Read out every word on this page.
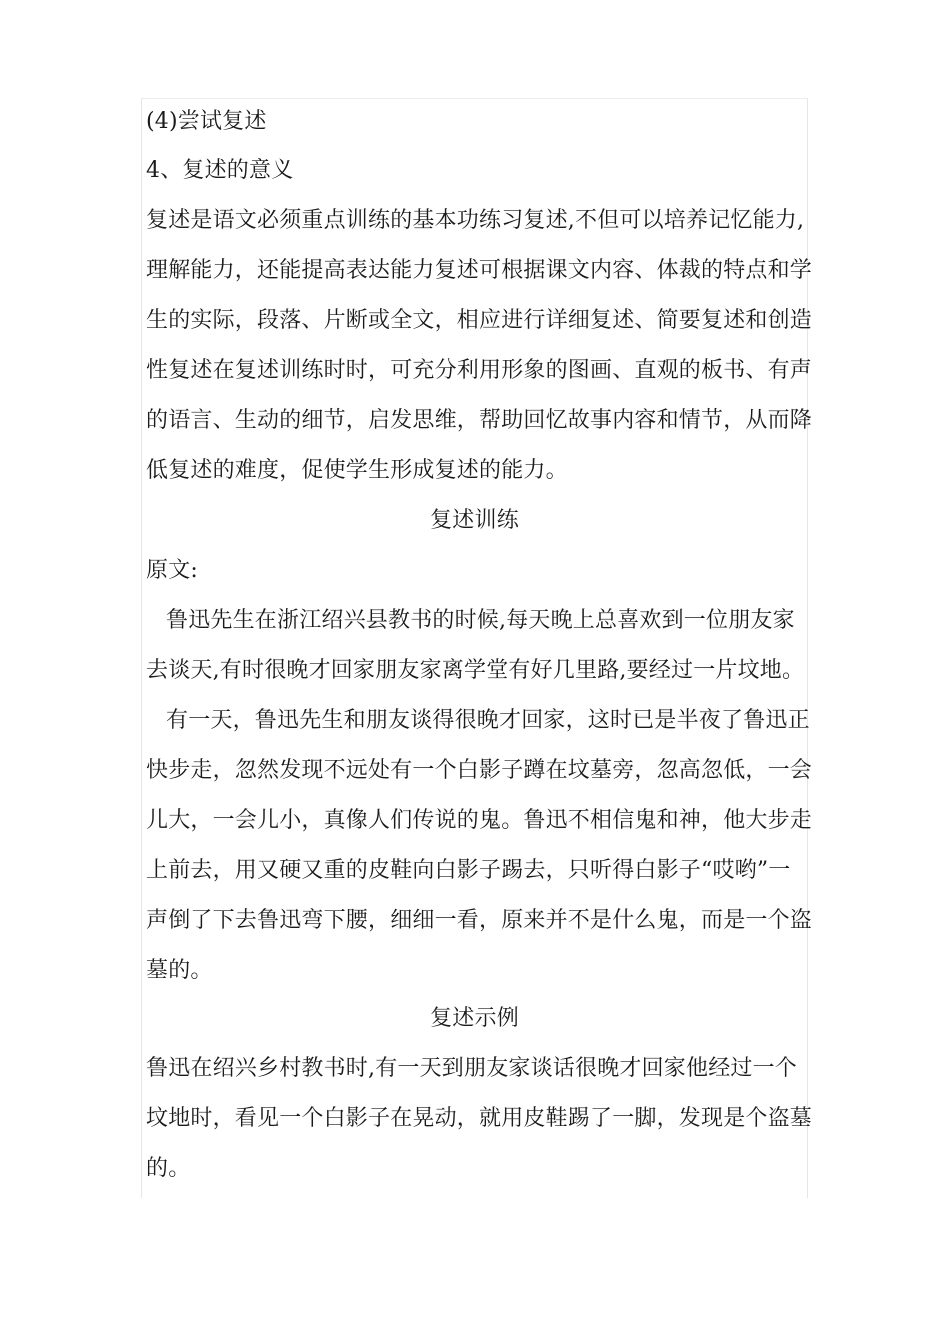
(4)尝试复述
4、复述的意义
复述是语文必须重点训练的基本功练习复述,不但可以培养记忆能力,
理解能力，还能提高表达能力复述可根据课文内容、体裁的特点和学
生的实际，段落、片断或全文，相应进行详细复述、简要复述和创造
性复述在复述训练时时，可充分利用形象的图画、直观的板书、有声
的语言、生动的细节，启发思维，帮助回忆故事内容和情节，从而降
低复述的难度，促使学生形成复述的能力。
复述训练
原文:
鲁迅先生在浙江绍兴县教书的时候,每天晚上总喜欢到一位朋友家
去谈天,有时很晚才回家朋友家离学堂有好几里路,要经过一片坟地。
有一天，鲁迅先生和朋友谈得很晚才回家，这时已是半夜了鲁迅正
快步走，忽然发现不远处有一个白影子蹲在坟墓旁，忽高忽低，一会
儿大，一会儿小，真像人们传说的鬼。鲁迅不相信鬼和神，他大步走
上前去，用又硬又重的皮鞋向白影子踢去，只听得白影子“哎哟”一
声倒了下去鲁迅弯下腰，细细一看，原来并不是什么鬼，而是一个盗
墓的。
复述示例
鲁迅在绍兴乡村教书时,有一天到朋友家谈话很晚才回家他经过一个
坟地时，看见一个白影子在晃动，就用皮鞋踢了一脚，发现是个盗墓
的。
